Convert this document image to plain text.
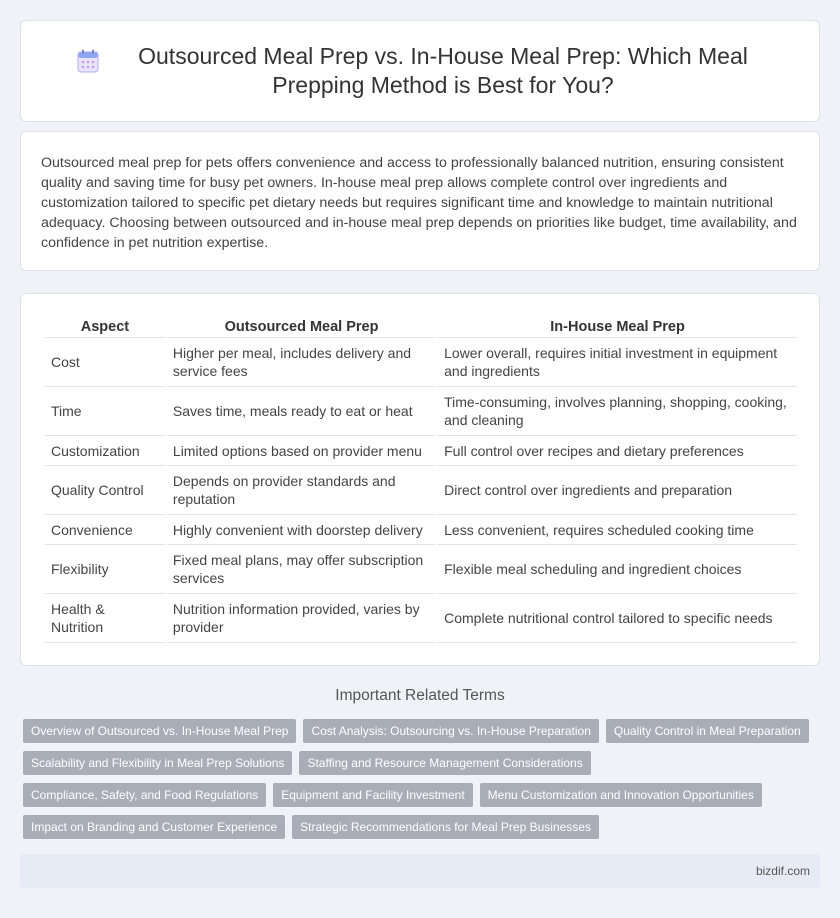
Outsourced Meal Prep vs. In-House Meal Prep: Which Meal Prepping Method is Best for You?

Outsourced meal prep for pets offers convenience and access to professionally balanced nutrition, ensuring consistent quality and saving time for busy pet owners. In-house meal prep allows complete control over ingredients and customization tailored to specific pet dietary needs but requires significant time and knowledge to maintain nutritional adequacy. Choosing between outsourced and in-house meal prep depends on priorities like budget, time availability, and confidence in pet nutrition expertise.

Aspect	Outsourced Meal Prep	In-House Meal Prep
Cost	Higher per meal, includes delivery and service fees	Lower overall, requires initial investment in equipment and ingredients
Time	Saves time, meals ready to eat or heat	Time-consuming, involves planning, shopping, cooking, and cleaning
Customization	Limited options based on provider menu	Full control over recipes and dietary preferences
Quality Control	Depends on provider standards and reputation	Direct control over ingredients and preparation
Convenience	Highly convenient with doorstep delivery	Less convenient, requires scheduled cooking time
Flexibility	Fixed meal plans, may offer subscription services	Flexible meal scheduling and ingredient choices
Health & Nutrition	Nutrition information provided, varies by provider	Complete nutritional control tailored to specific needs
Important Related Terms
Overview of Outsourced vs. In-House Meal Prep	Cost Analysis: Outsourcing vs. In-House Preparation	Quality Control in Meal Preparation
Scalability and Flexibility in Meal Prep Solutions	Staffing and Resource Management Considerations
Compliance, Safety, and Food Regulations	Equipment and Facility Investment	Menu Customization and Innovation Opportunities
Impact on Branding and Customer Experience	Strategic Recommendations for Meal Prep Businesses
bizdif.com
